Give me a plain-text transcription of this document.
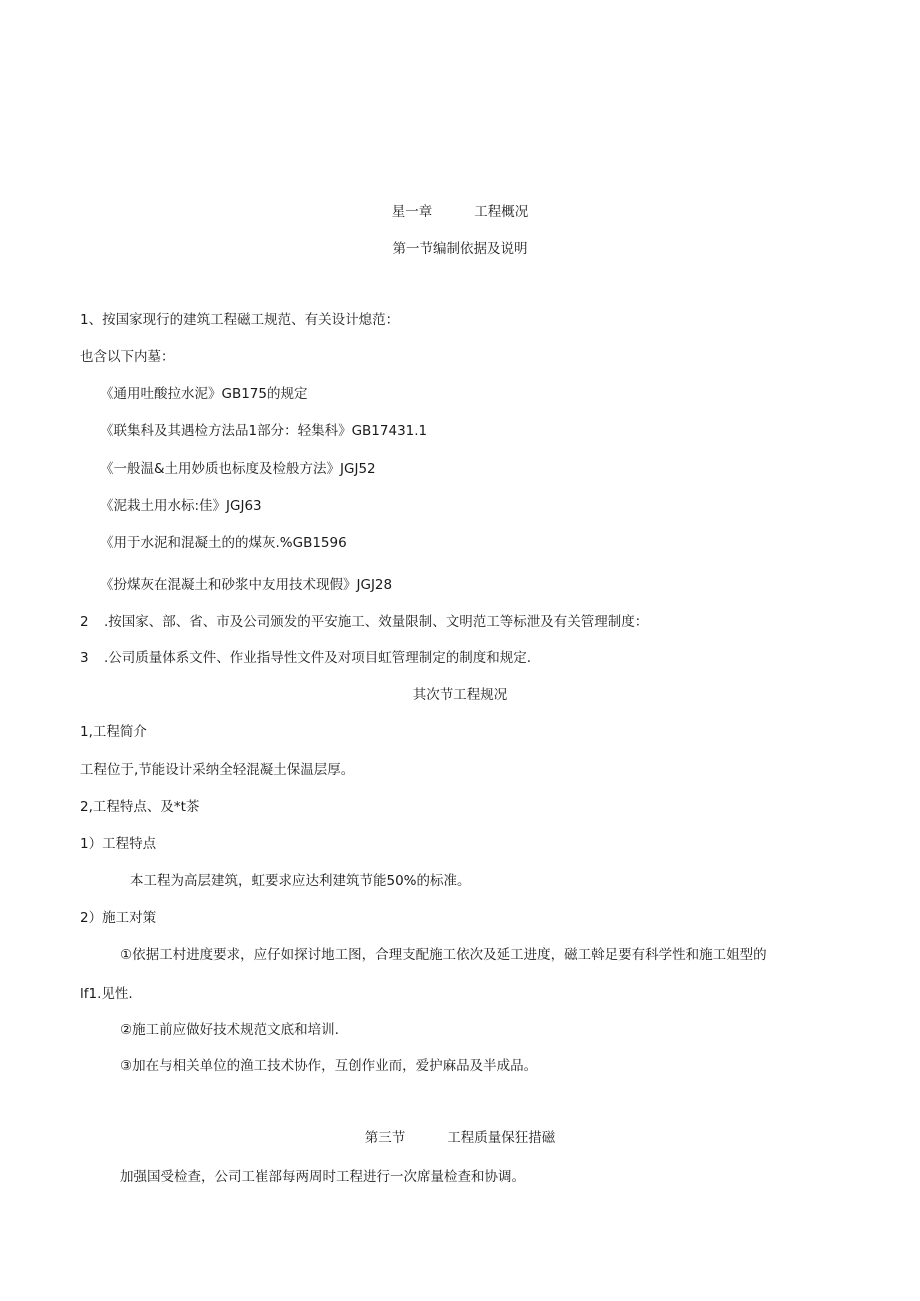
星一章	工程概况
第一节编制依据及说明
1、按国家现行的建筑工程磁工规范、有关设计熄范：
也含以下内墓：
《通用吐酸拉水泥》GB175的规定
《联集科及其遇检方法品1部分：轻集科》GB17431.1
《一般温&土用妙质也标度及检般方法》JGJ52
《泥栽土用水标:佳》JGJ63
《用于水泥和混凝土的的煤灰.%GB1596
《扮煤灰在混凝土和砂浆中友用技术现假》JGJ28
2 .按国家、部、省、市及公司颁发的平安施工、效量限制、文明范工等标泄及有关管理制度：
3 .公司质量体系文件、作业指导性文件及对项目虹管理制定的制度和规定.
其次节工程规况
1,工程简介
工程位于,节能设计采纳全轻混凝土保温层厚。
2,工程特点、及*t茶
1）工程特点
本工程为高层建筑，虹要求应达利建筑节能50%的标准。
2）施工对策
①依据工村进度要求，应仔如探讨地工图，合理支配施工依次及延工进度，磁工斡足要有科学性和施工姐型的
lf1.见性.
②施工前应做好技术规范文底和培训.
③加在与相关单位的渔工技术协作，互创作业而，爱护麻品及半成品。
第三节	工程质量保狂措磁
加强国受检查，公司工崔部每两周时工程进行一次席量检查和协调。
